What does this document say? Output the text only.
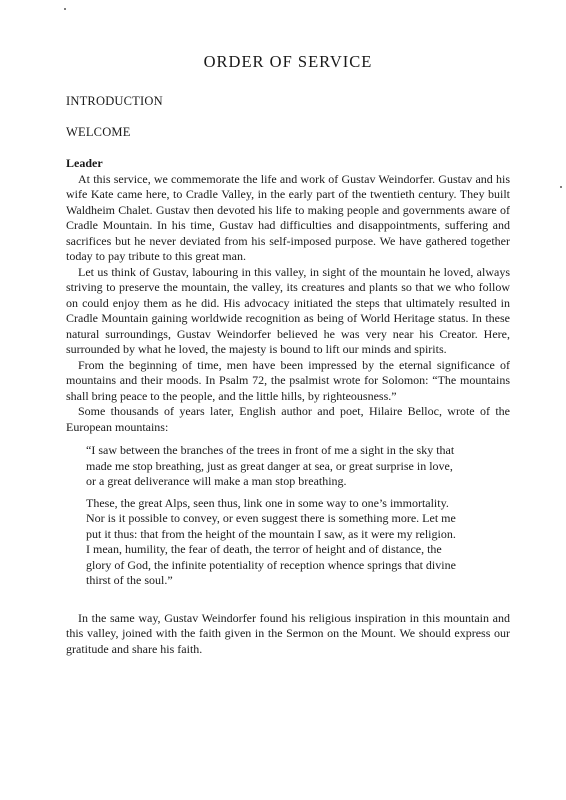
ORDER OF SERVICE
INTRODUCTION
WELCOME

Leader

At this service, we commemorate the life and work of Gustav Weindorfer. Gustav and his wife Kate came here, to Cradle Valley, in the early part of the twentieth century. They built Waldheim Chalet. Gustav then devoted his life to making people and governments aware of Cradle Mountain. In his time, Gustav had difficulties and disappointments, suffering and sacrifices but he never deviated from his self-imposed purpose. We have gathered together today to pay tribute to this great man.

Let us think of Gustav, labouring in this valley, in sight of the mountain he loved, always striving to preserve the mountain, the valley, its creatures and plants so that we who follow on could enjoy them as he did. His advocacy initiated the steps that ultimately resulted in Cradle Mountain gaining worldwide recognition as being of World Heritage status. In these natural surroundings, Gustav Weindorfer believed he was very near his Creator. Here, surrounded by what he loved, the majesty is bound to lift our minds and spirits.

From the beginning of time, men have been impressed by the eternal significance of mountains and their moods. In Psalm 72, the psalmist wrote for Solomon: “The mountains shall bring peace to the people, and the little hills, by righteousness.”

Some thousands of years later, English author and poet, Hilaire Belloc, wrote of the European mountains:

“I saw between the branches of the trees in front of me a sight in the sky that made me stop breathing, just as great danger at sea, or great surprise in love, or a great deliverance will make a man stop breathing.

These, the great Alps, seen thus, link one in some way to one’s immortality. Nor is it possible to convey, or even suggest there is something more. Let me put it thus: that from the height of the mountain I saw, as it were my religion. I mean, humility, the fear of death, the terror of height and of distance, the glory of God, the infinite potentiality of reception whence springs that divine thirst of the soul.”

In the same way, Gustav Weindorfer found his religious inspiration in this mountain and this valley, joined with the faith given in the Sermon on the Mount. We should express our gratitude and share his faith.
